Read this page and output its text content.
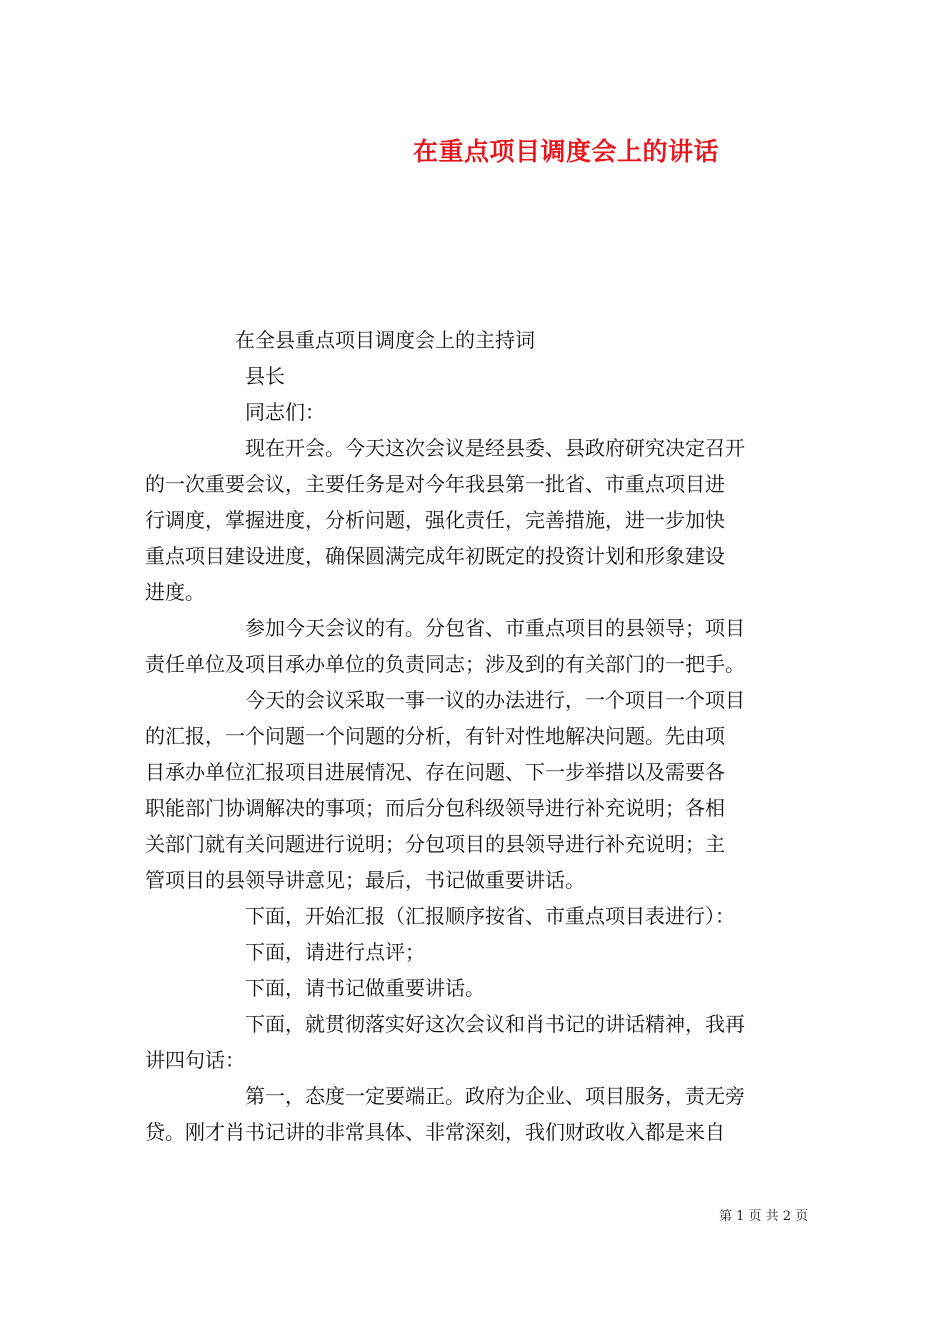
在重点项目调度会上的讲话
在全县重点项目调度会上的主持词
县长
同志们：
现在开会。今天这次会议是经县委、县政府研究决定召开
的一次重要会议，主要任务是对今年我县第一批省、市重点项目进
行调度，掌握进度，分析问题，强化责任，完善措施，进一步加快
重点项目建设进度，确保圆满完成年初既定的投资计划和形象建设
进度。
参加今天会议的有。分包省、市重点项目的县领导；项目
责任单位及项目承办单位的负责同志；涉及到的有关部门的一把手。
今天的会议采取一事一议的办法进行，一个项目一个项目
的汇报，一个问题一个问题的分析，有针对性地解决问题。先由项
目承办单位汇报项目进展情况、存在问题、下一步举措以及需要各
职能部门协调解决的事项；而后分包科级领导进行补充说明；各相
关部门就有关问题进行说明；分包项目的县领导进行补充说明；主
管项目的县领导讲意见；最后，书记做重要讲话。
下面，开始汇报（汇报顺序按省、市重点项目表进行）：
下面，请进行点评；
下面，请书记做重要讲话。
下面，就贯彻落实好这次会议和肖书记的讲话精神，我再
讲四句话：
第一，态度一定要端正。政府为企业、项目服务，责无旁
贷。刚才肖书记讲的非常具体、非常深刻，我们财政收入都是来自
第 1 页 共 2 页
